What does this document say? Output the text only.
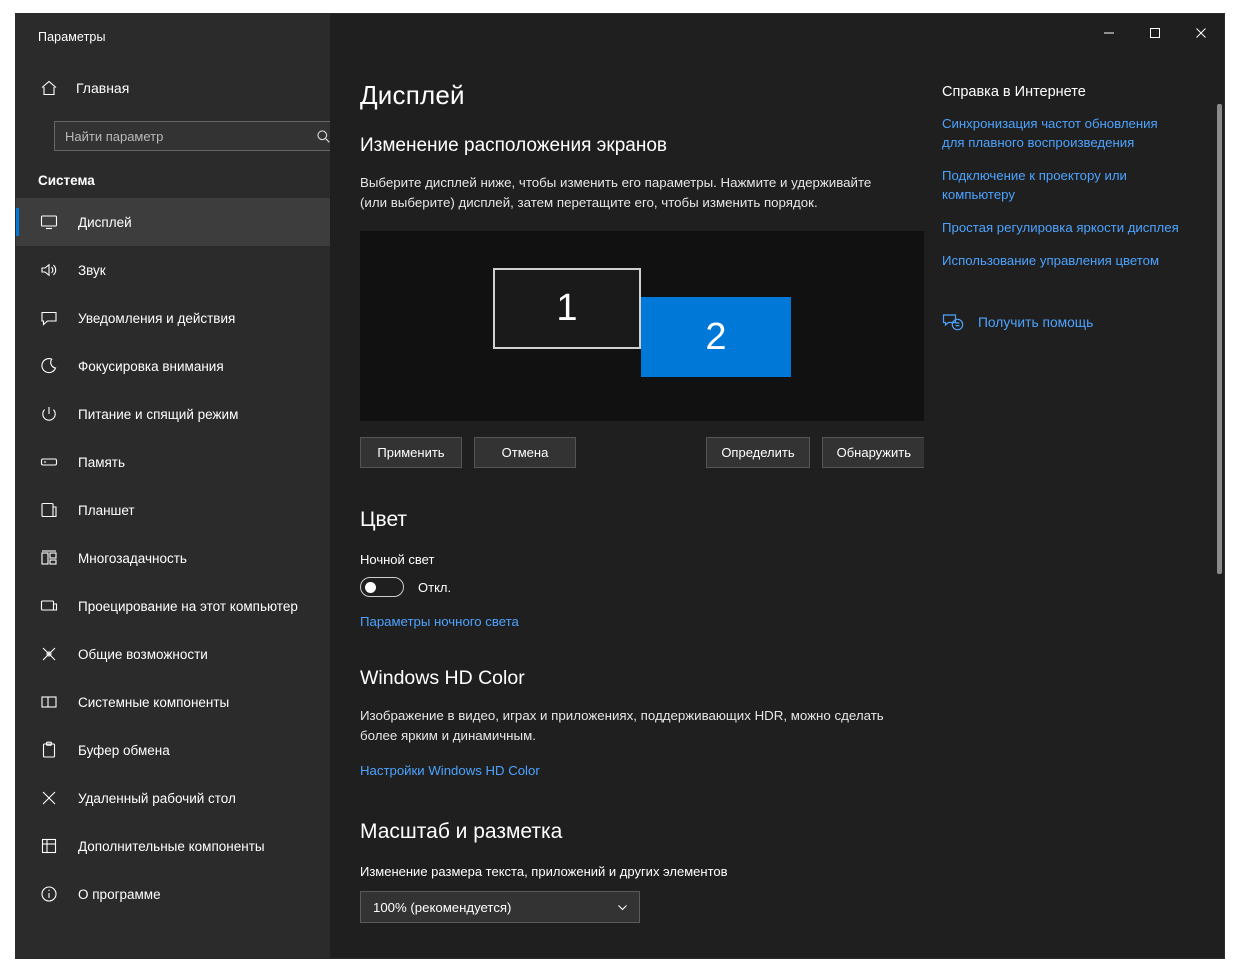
Параметры
Главная
Найти параметр
Система
Дисплей
Звук
Уведомления и действия
Фокусировка внимания
Питание и спящий режим
Память
Планшет
Многозадачность
Проецирование на этот компьютер
Общие возможности
Системные компоненты
Буфер обмена
Удаленный рабочий стол
Дополнительные компоненты
О программе
Дисплей
Изменение расположения экранов

Выберите дисплей ниже, чтобы изменить его параметры. Нажмите и удерживайте (или выберите) дисплей, затем перетащите его, чтобы изменить порядок.

1
2
Применить	Отмена	Определить	Обнаружить
Цвет
Ночной свет
Откл.
Параметры ночного света
Windows HD Color

Изображение в видео, играх и приложениях, поддерживающих HDR, можно сделать более ярким и динамичным.

Настройки Windows HD Color
Масштаб и разметка
Изменение размера текста, приложений и других элементов
100% (рекомендуется)
Справка в Интернете
Синхронизация частот обновления для плавного воспроизведения
Подключение к проектору или компьютеру
Простая регулировка яркости дисплея
Использование управления цветом
Получить помощь
